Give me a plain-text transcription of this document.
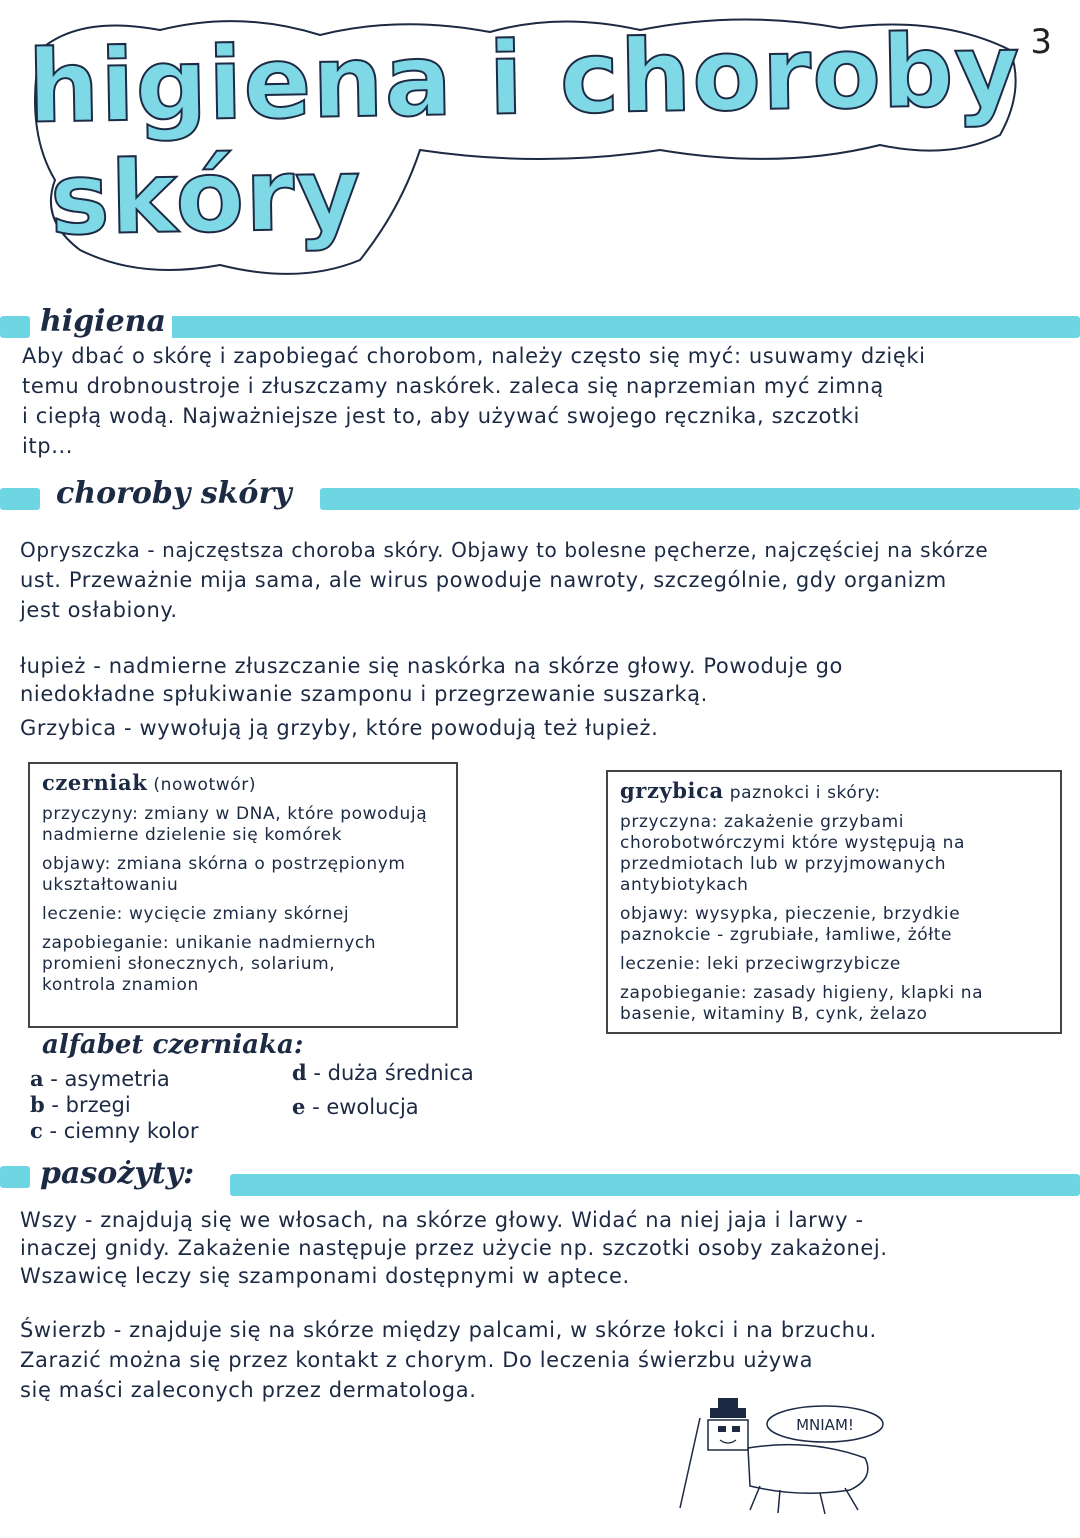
3
higiena i choroby
skóry
higiena
Aby dbać o skórę i zapobiegać chorobom, należy często się myć: usuwamy dzięki
temu drobnoustroje i złuszczamy naskórek. zaleca się naprzemian myć zimną
i ciepłą wodą. Najważniejsze jest to, aby używać swojego ręcznika, szczotki
itp...
choroby skóry
Opryszczka - najczęstsza choroba skóry. Objawy to bolesne pęcherze, najczęściej na skórze
ust. Przeważnie mija sama, ale wirus powoduje nawroty, szczególnie, gdy organizm
jest osłabiony.
łupież - nadmierne złuszczanie się naskórka na skórze głowy. Powoduje go
niedokładne spłukiwanie szamponu i przegrzewanie suszarką.
Grzybica - wywołują ją grzyby, które powodują też łupież.

czerniak (nowotwór)

przyczyny: zmiany w DNA, które powodują nadmierne dzielenie się komórek

objawy: zmiana skórna o postrzępionym ukształtowaniu

leczenie: wycięcie zmiany skórnej

zapobieganie: unikanie nadmiernych promieni słonecznych, solarium,

kontrola znamion

grzybica paznokci i skóry:

przyczyna: zakażenie grzybami chorobotwórczymi które występują na przedmiotach lub w przyjmowanych antybiotykach

objawy: wysypka, pieczenie, brzydkie paznokcie - zgrubiałe, łamliwe, żółte

leczenie: leki przeciwgrzybicze

zapobieganie: zasady higieny, klapki na basenie, witaminy B, cynk, żelazo

alfabet czerniaka:
a - asymetria
b - brzegi
c - ciemny kolor
d - duża średnica
e - ewolucja
pasożyty:
Wszy - znajdują się we włosach, na skórze głowy. Widać na niej jaja i larwy -
inaczej gnidy. Zakażenie następuje przez użycie np. szczotki osoby zakażonej.
Wszawicę leczy się szamponami dostępnymi w aptece.
Świerzb - znajduje się na skórze między palcami, w skórze łokci i na brzuchu.
Zarazić można się przez kontakt z chorym. Do leczenia świerzbu używa
się maści zaleconych przez dermatologa.
MNIAM!
